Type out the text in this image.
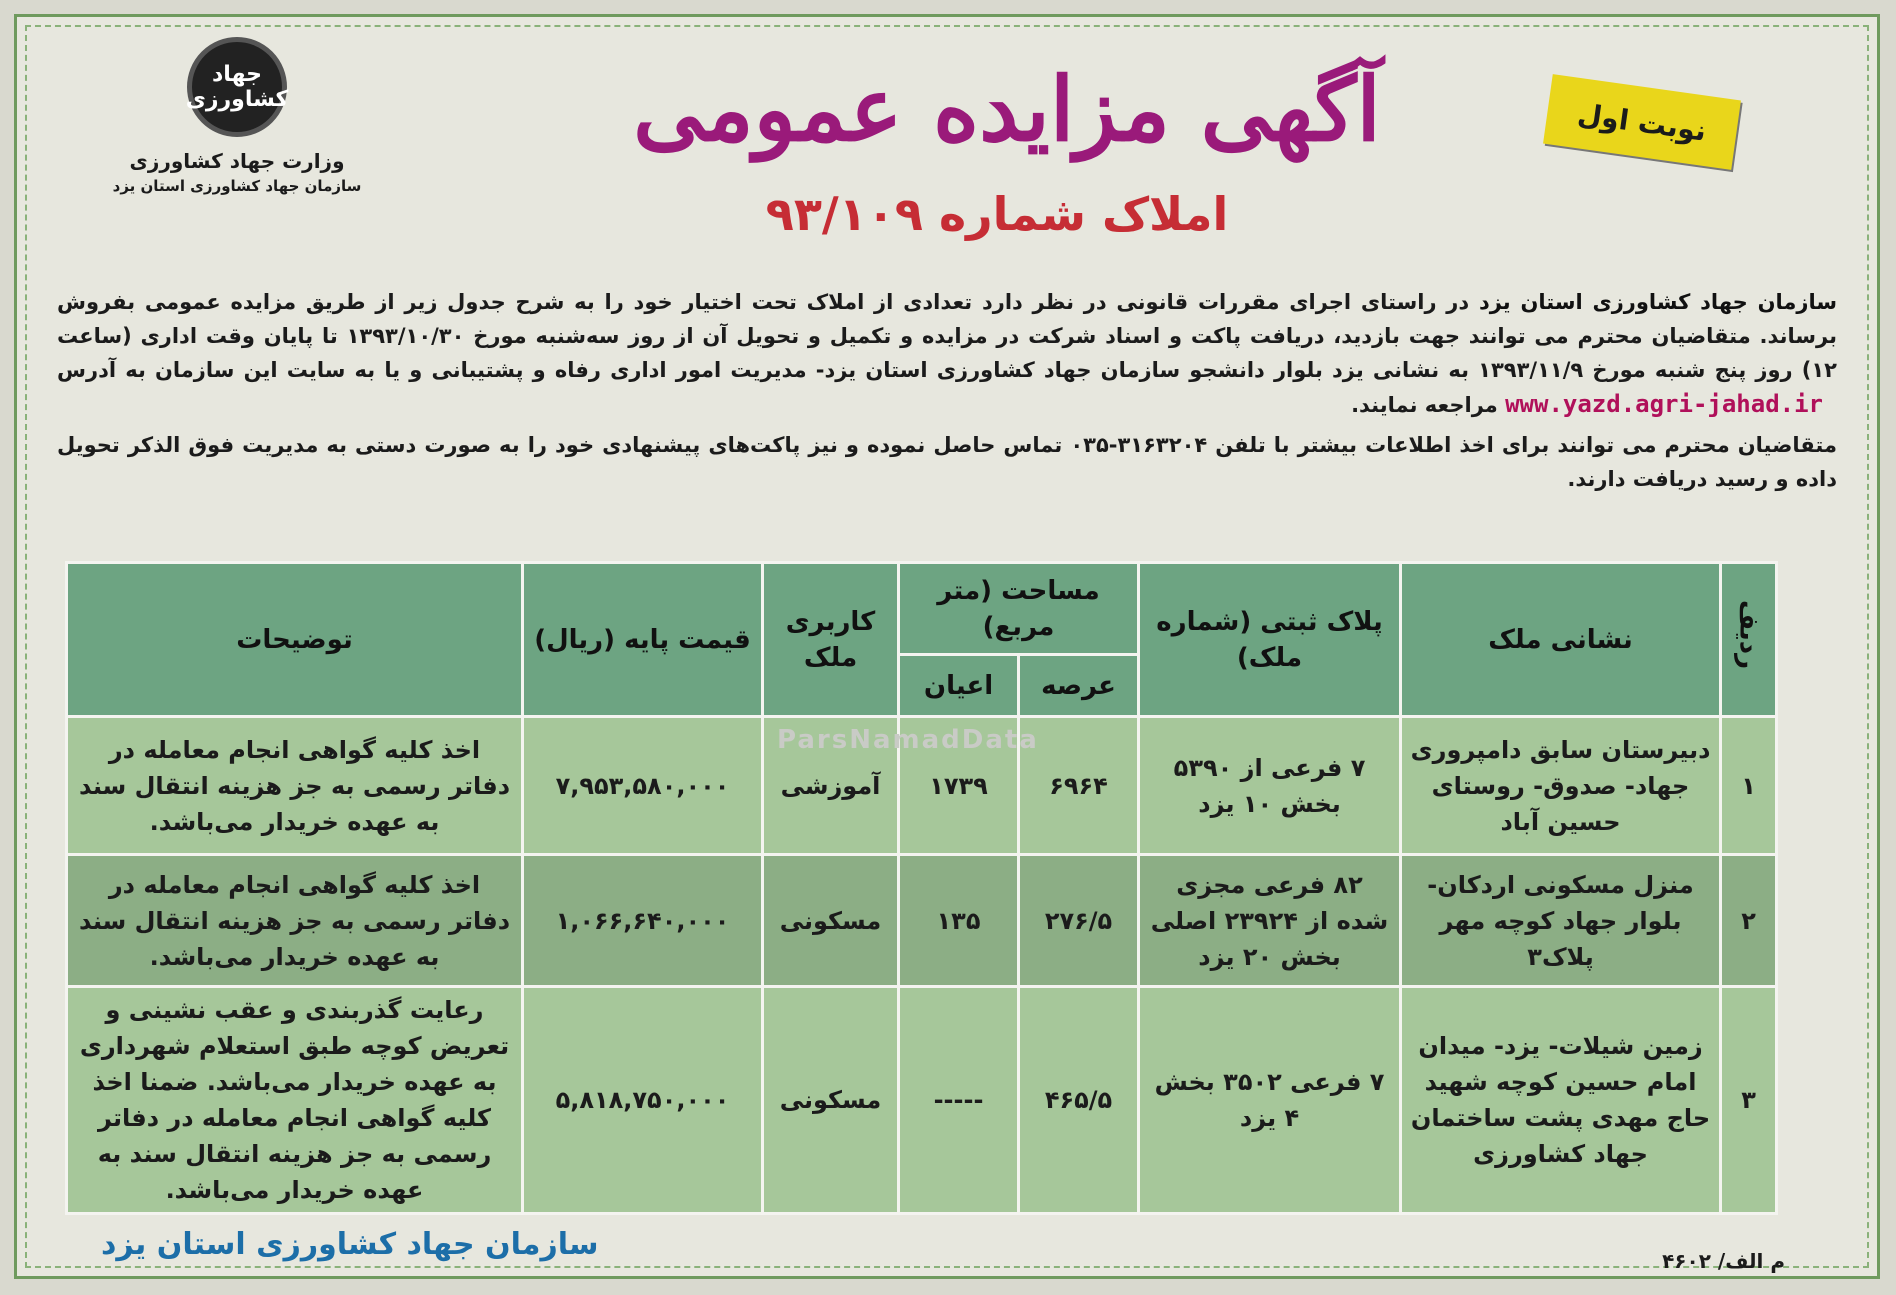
جهاد کشاورزی
وزارت جهاد کشاورزی
سازمان جهاد کشاورزی استان یزد
آگهی مزایده عمومی
املاک شماره ۹۳/۱۰۹
نوبت اول

سازمان جهاد کشاورزی استان یزد در راستای اجرای مقررات قانونی در نظر دارد تعدادی از املاک تحت اختیار خود را به شرح جدول زیر از طریق مزایده عمومی بفروش برساند. متقاضیان محترم می توانند جهت بازدید، دریافت پاکت و اسناد شرکت در مزایده و تکمیل و تحویل آن از روز سه‌شنبه مورخ ۱۳۹۳/۱۰/۳۰ تا پایان وقت اداری (ساعت ۱۲) روز پنج شنبه مورخ ۱۳۹۳/۱۱/۹ به نشانی یزد بلوار دانشجو سازمان جهاد کشاورزی استان یزد- مدیریت امور اداری رفاه و پشتیبانی و یا به سایت این سازمان به آدرس www.yazd.agri-jahad.ir مراجعه نمایند.

متقاضیان محترم می توانند برای اخذ اطلاعات بیشتر با تلفن ۳۱۶۳۲۰۴-۰۳۵ تماس حاصل نموده و نیز پاکت‌های پیشنهادی خود را به صورت دستی به مدیریت فوق الذکر تحویل داده و رسید دریافت دارند.

ردیف	نشانی ملک	پلاک ثبتی (شماره ملک)	مساحت (متر مربع)		کاربری ملک	قیمت پایه (ریال)	توضیحات
			عرصه	اعیان			
۱	دبیرستان سابق دامپروری جهاد- صدوق- روستای حسین آباد	۷ فرعی از ۵۳۹۰ بخش ۱۰ یزد	۶۹۶۴	۱۷۳۹	آموزشی	۷,۹۵۳,۵۸۰,۰۰۰	اخذ کلیه گواهی انجام معامله در دفاتر رسمی به جز هزینه انتقال سند به عهده خریدار می‌باشد.
۲	منزل مسکونی اردکان- بلوار جهاد کوچه مهر پلاک۳	۸۲ فرعی مجزی شده از ۲۳۹۲۴ اصلی بخش ۲۰ یزد	۲۷۶/۵	۱۳۵	مسکونی	۱,۰۶۶,۶۴۰,۰۰۰	اخذ کلیه گواهی انجام معامله در دفاتر رسمی به جز هزینه انتقال سند به عهده خریدار می‌باشد.
۳	زمین شیلات- یزد- میدان امام حسین کوچه شهید حاج مهدی پشت ساختمان جهاد کشاورزی	۷ فرعی ۳۵۰۲ بخش ۴ یزد	۴۶۵/۵	-----	مسکونی	۵,۸۱۸,۷۵۰,۰۰۰	رعایت گذربندی و عقب نشینی و تعریض کوچه طبق استعلام شهرداری به عهده خریدار می‌باشد. ضمنا اخذ کلیه گواهی انجام معامله در دفاتر رسمی به جز هزینه انتقال سند به عهده خریدار می‌باشد.
ParsNamadData
سازمان جهاد کشاورزی استان یزد	م الف/ ۴۶۰۲
